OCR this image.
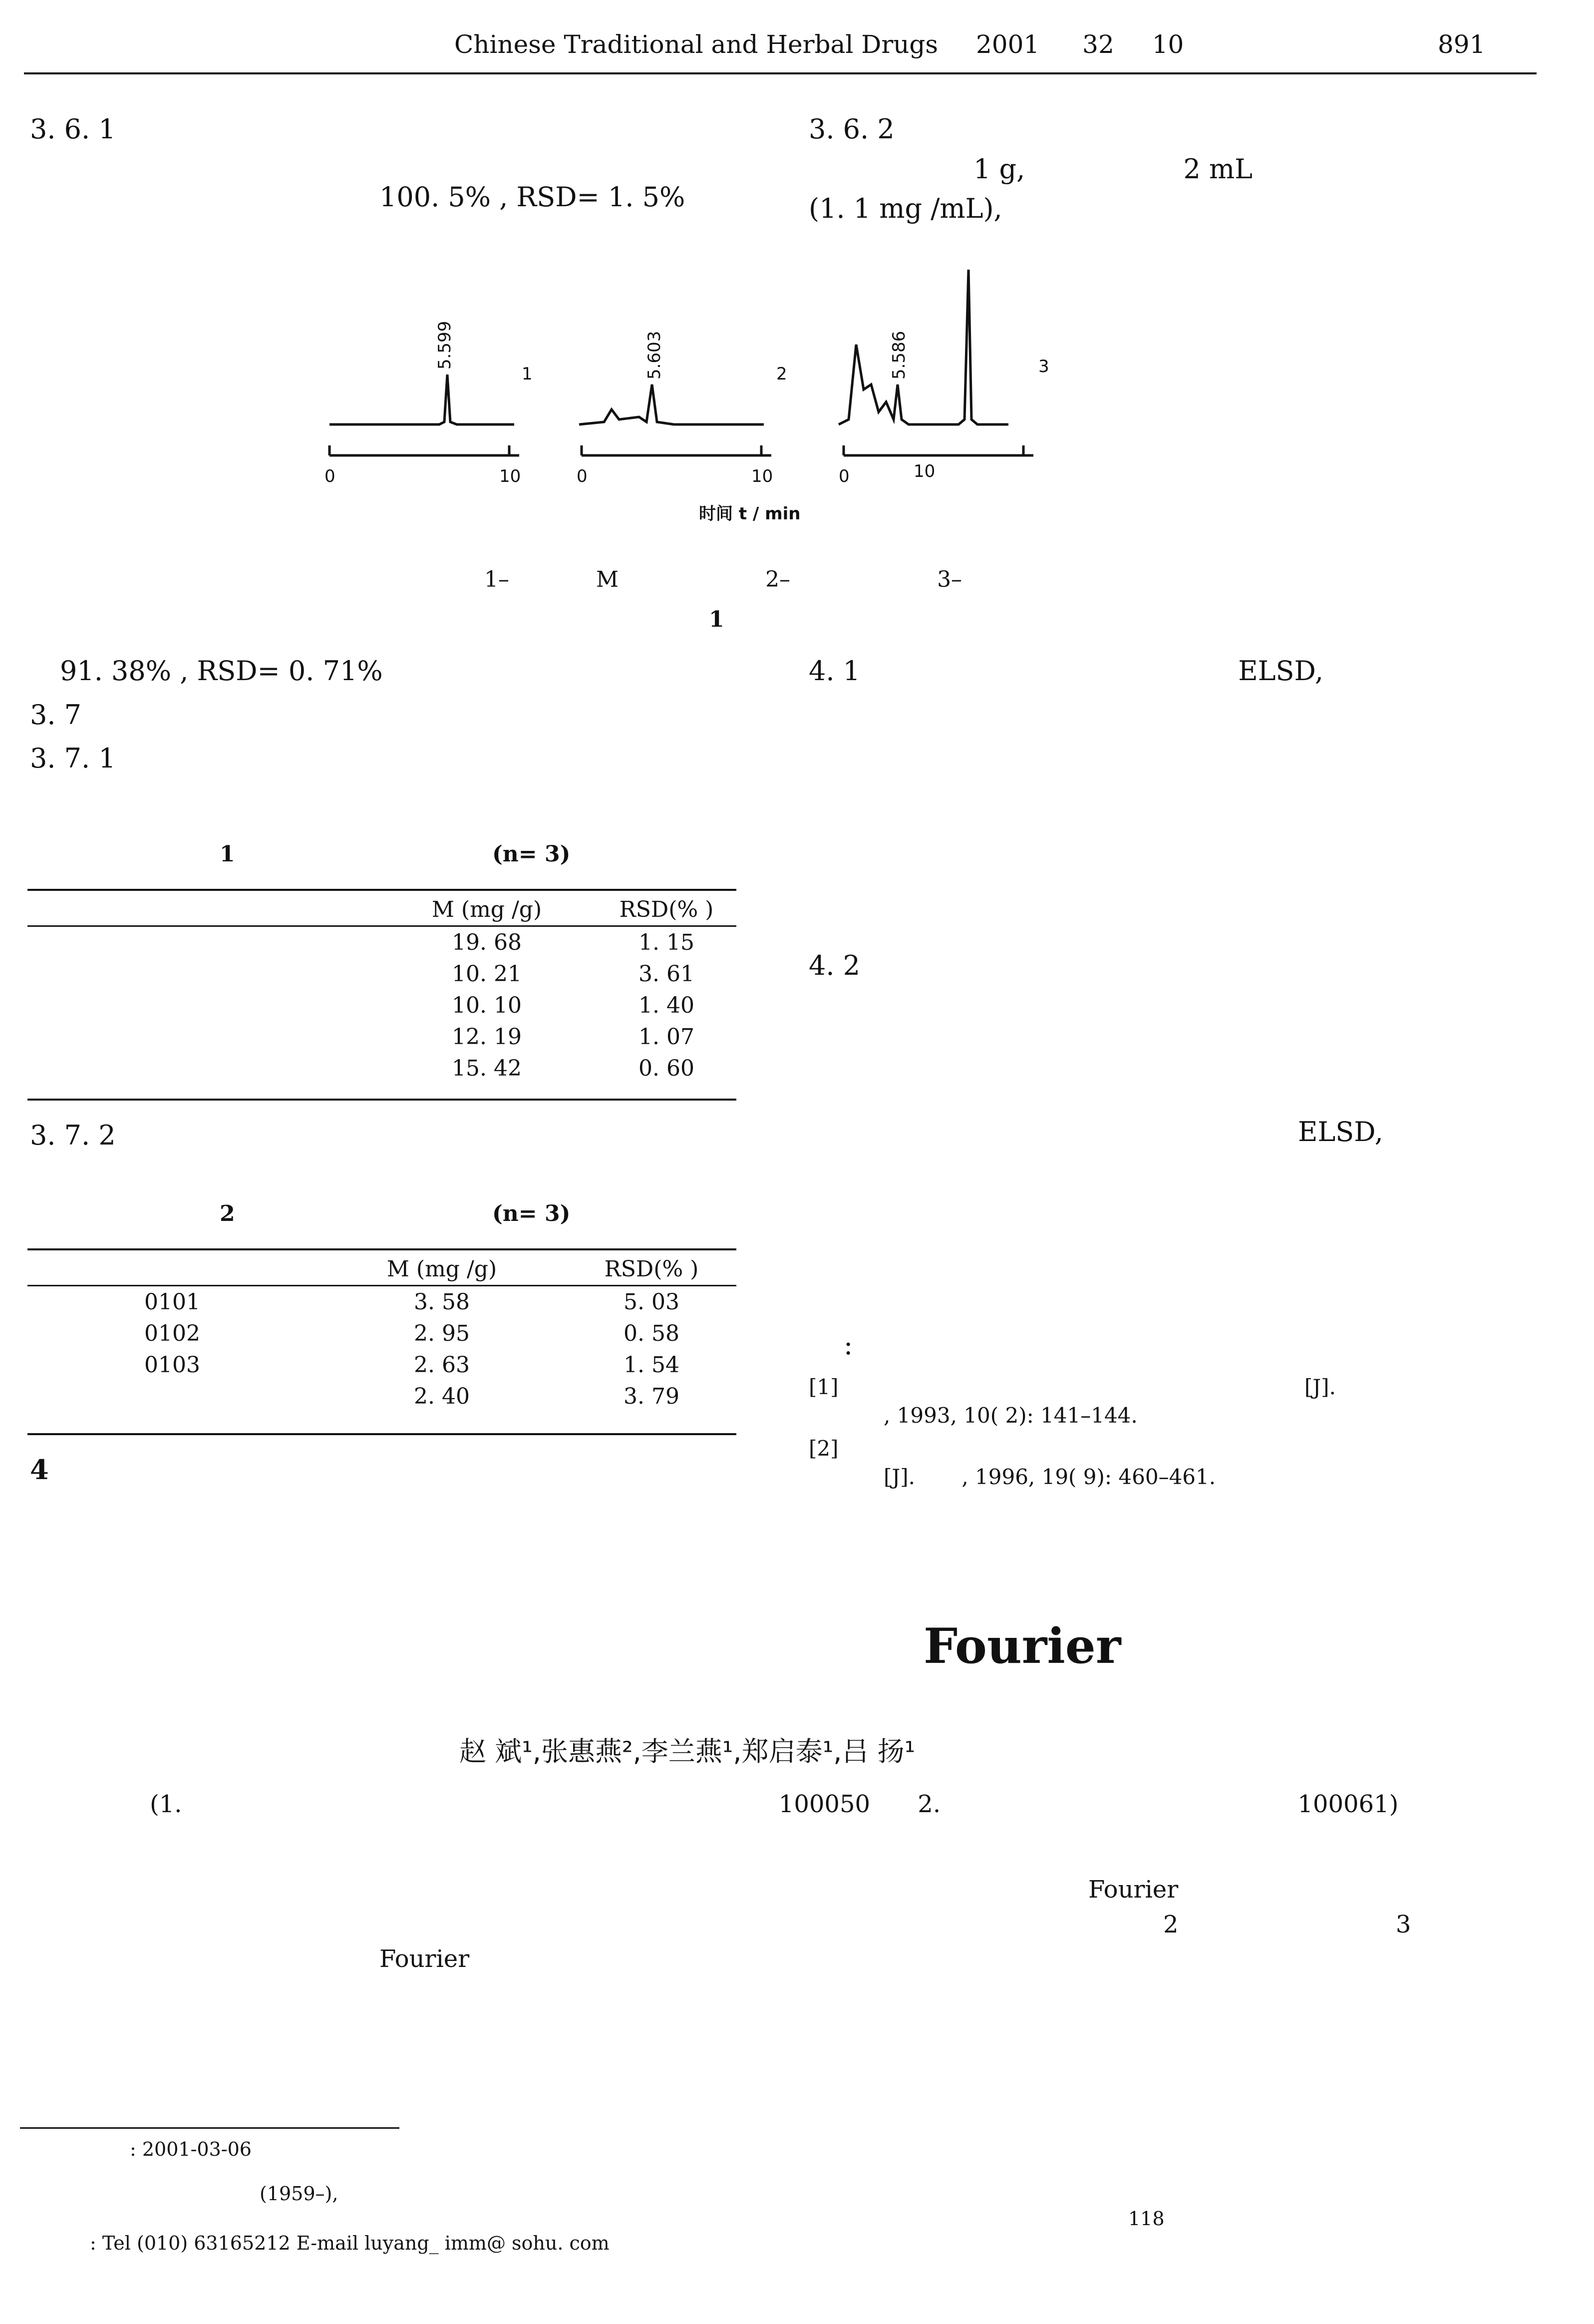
Chinese Traditional and Herbal Drugs 2001 32 10	891
3. 6. 1
100. 5% , RSD= 1. 5%
3. 6. 2
1 g,	2 mL
(1. 1 mg /mL),
5.599	5.603	5.586
1	2	3
0	10	0	10	0	10
时间 t / min
1–	M	2–	3–
1
91. 38% , RSD= 0. 71%
3. 7
3. 7. 1

1	(n= 3)
		M (mg /g)	RSD(% )
		19. 68	1. 15
		10. 21	3. 61
		10. 10	1. 40
		12. 19	1. 07
		15. 42	0. 60
3. 7. 2
2	(n= 3)
	M (mg /g)	RSD(% )
0101	3. 58	5. 03
0102	2. 95	0. 58
0103	2. 63	1. 54
	2. 40	3. 79
4
4. 1	ELSD,
4. 2
ELSD,
:
[1]	[J].
, 1993, 10( 2): 141–144.
[2]
[J]. , 1996, 19( 9): 460–461.
Fourier
赵 斌¹,张惠燕²,李兰燕¹,郑启泰¹,吕 扬¹
(1.	100050 2.	100061)
Fourier
2	3
Fourier
: 2001-03-06
(1959–),
118
: Tel (010) 63165212 E-mail luyang_ imm@ sohu. com
